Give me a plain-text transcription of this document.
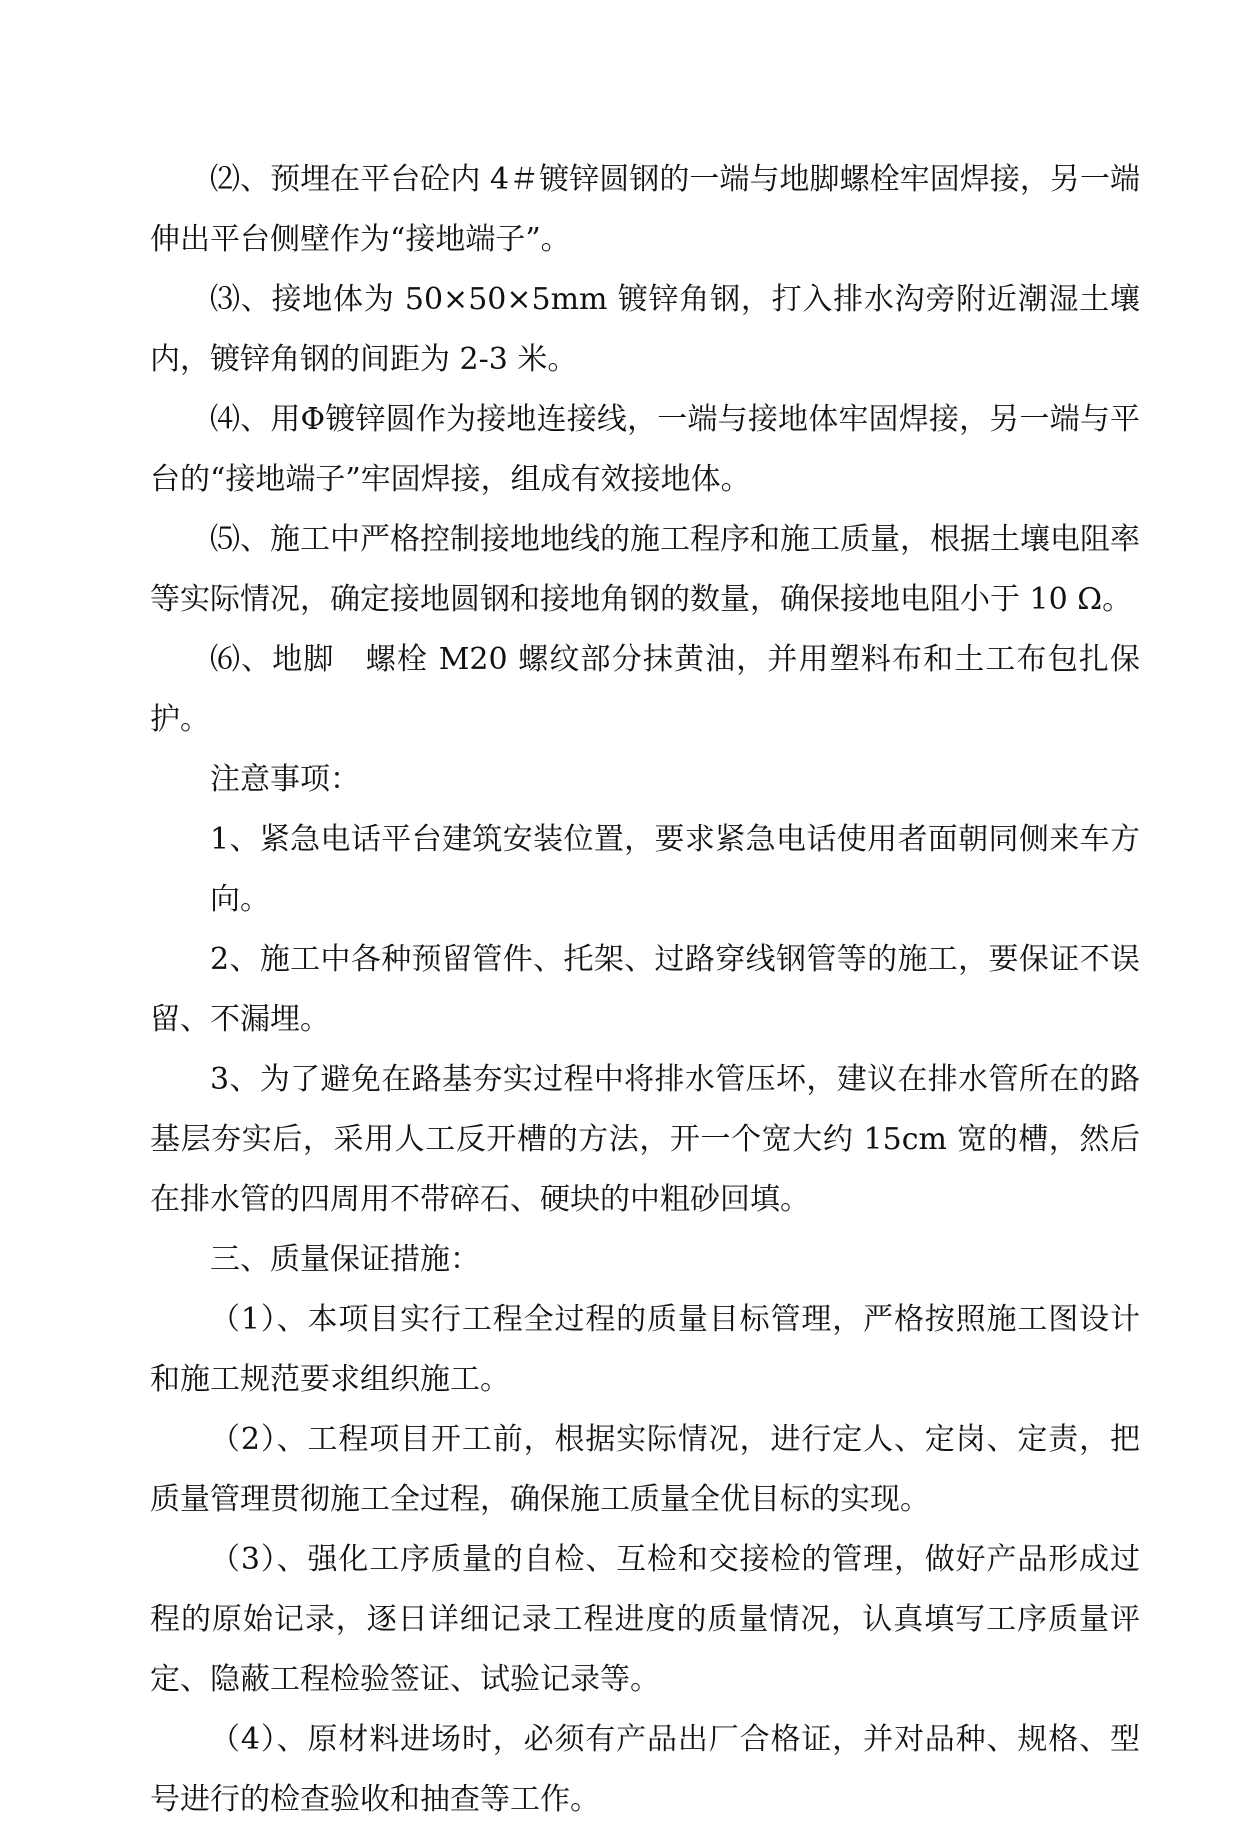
⑵、预埋在平台砼内 4＃镀锌圆钢的一端与地脚螺栓牢固焊接，另一端伸出平台侧壁作为“接地端子”。

⑶、接地体为 50×50×5mm 镀锌角钢，打入排水沟旁附近潮湿土壤内，镀锌角钢的间距为 2-3 米。

⑷、用Φ镀锌圆作为接地连接线，一端与接地体牢固焊接，另一端与平台的“接地端子”牢固焊接，组成有效接地体。

⑸、施工中严格控制接地地线的施工程序和施工质量，根据土壤电阻率等实际情况，确定接地圆钢和接地角钢的数量，确保接地电阻小于 10 Ω。

⑹、地脚　螺栓 M20 螺纹部分抹黄油，并用塑料布和土工布包扎保护。

注意事项：

1、紧急电话平台建筑安装位置，要求紧急电话使用者面朝同侧来车方向。

2、施工中各种预留管件、托架、过路穿线钢管等的施工，要保证不误留、不漏埋。

3、为了避免在路基夯实过程中将排水管压坏，建议在排水管所在的路基层夯实后，采用人工反开槽的方法，开一个宽大约 15cm 宽的槽，然后在排水管的四周用不带碎石、硬块的中粗砂回填。

三、质量保证措施：

（1）、本项目实行工程全过程的质量目标管理，严格按照施工图设计和施工规范要求组织施工。

（2）、工程项目开工前，根据实际情况，进行定人、定岗、定责，把质量管理贯彻施工全过程，确保施工质量全优目标的实现。

（3）、强化工序质量的自检、互检和交接检的管理，做好产品形成过程的原始记录，逐日详细记录工程进度的质量情况，认真填写工序质量评定、隐蔽工程检验签证、试验记录等。

（4）、原材料进场时，必须有产品出厂合格证，并对品种、规格、型号进行的检查验收和抽查等工作。
